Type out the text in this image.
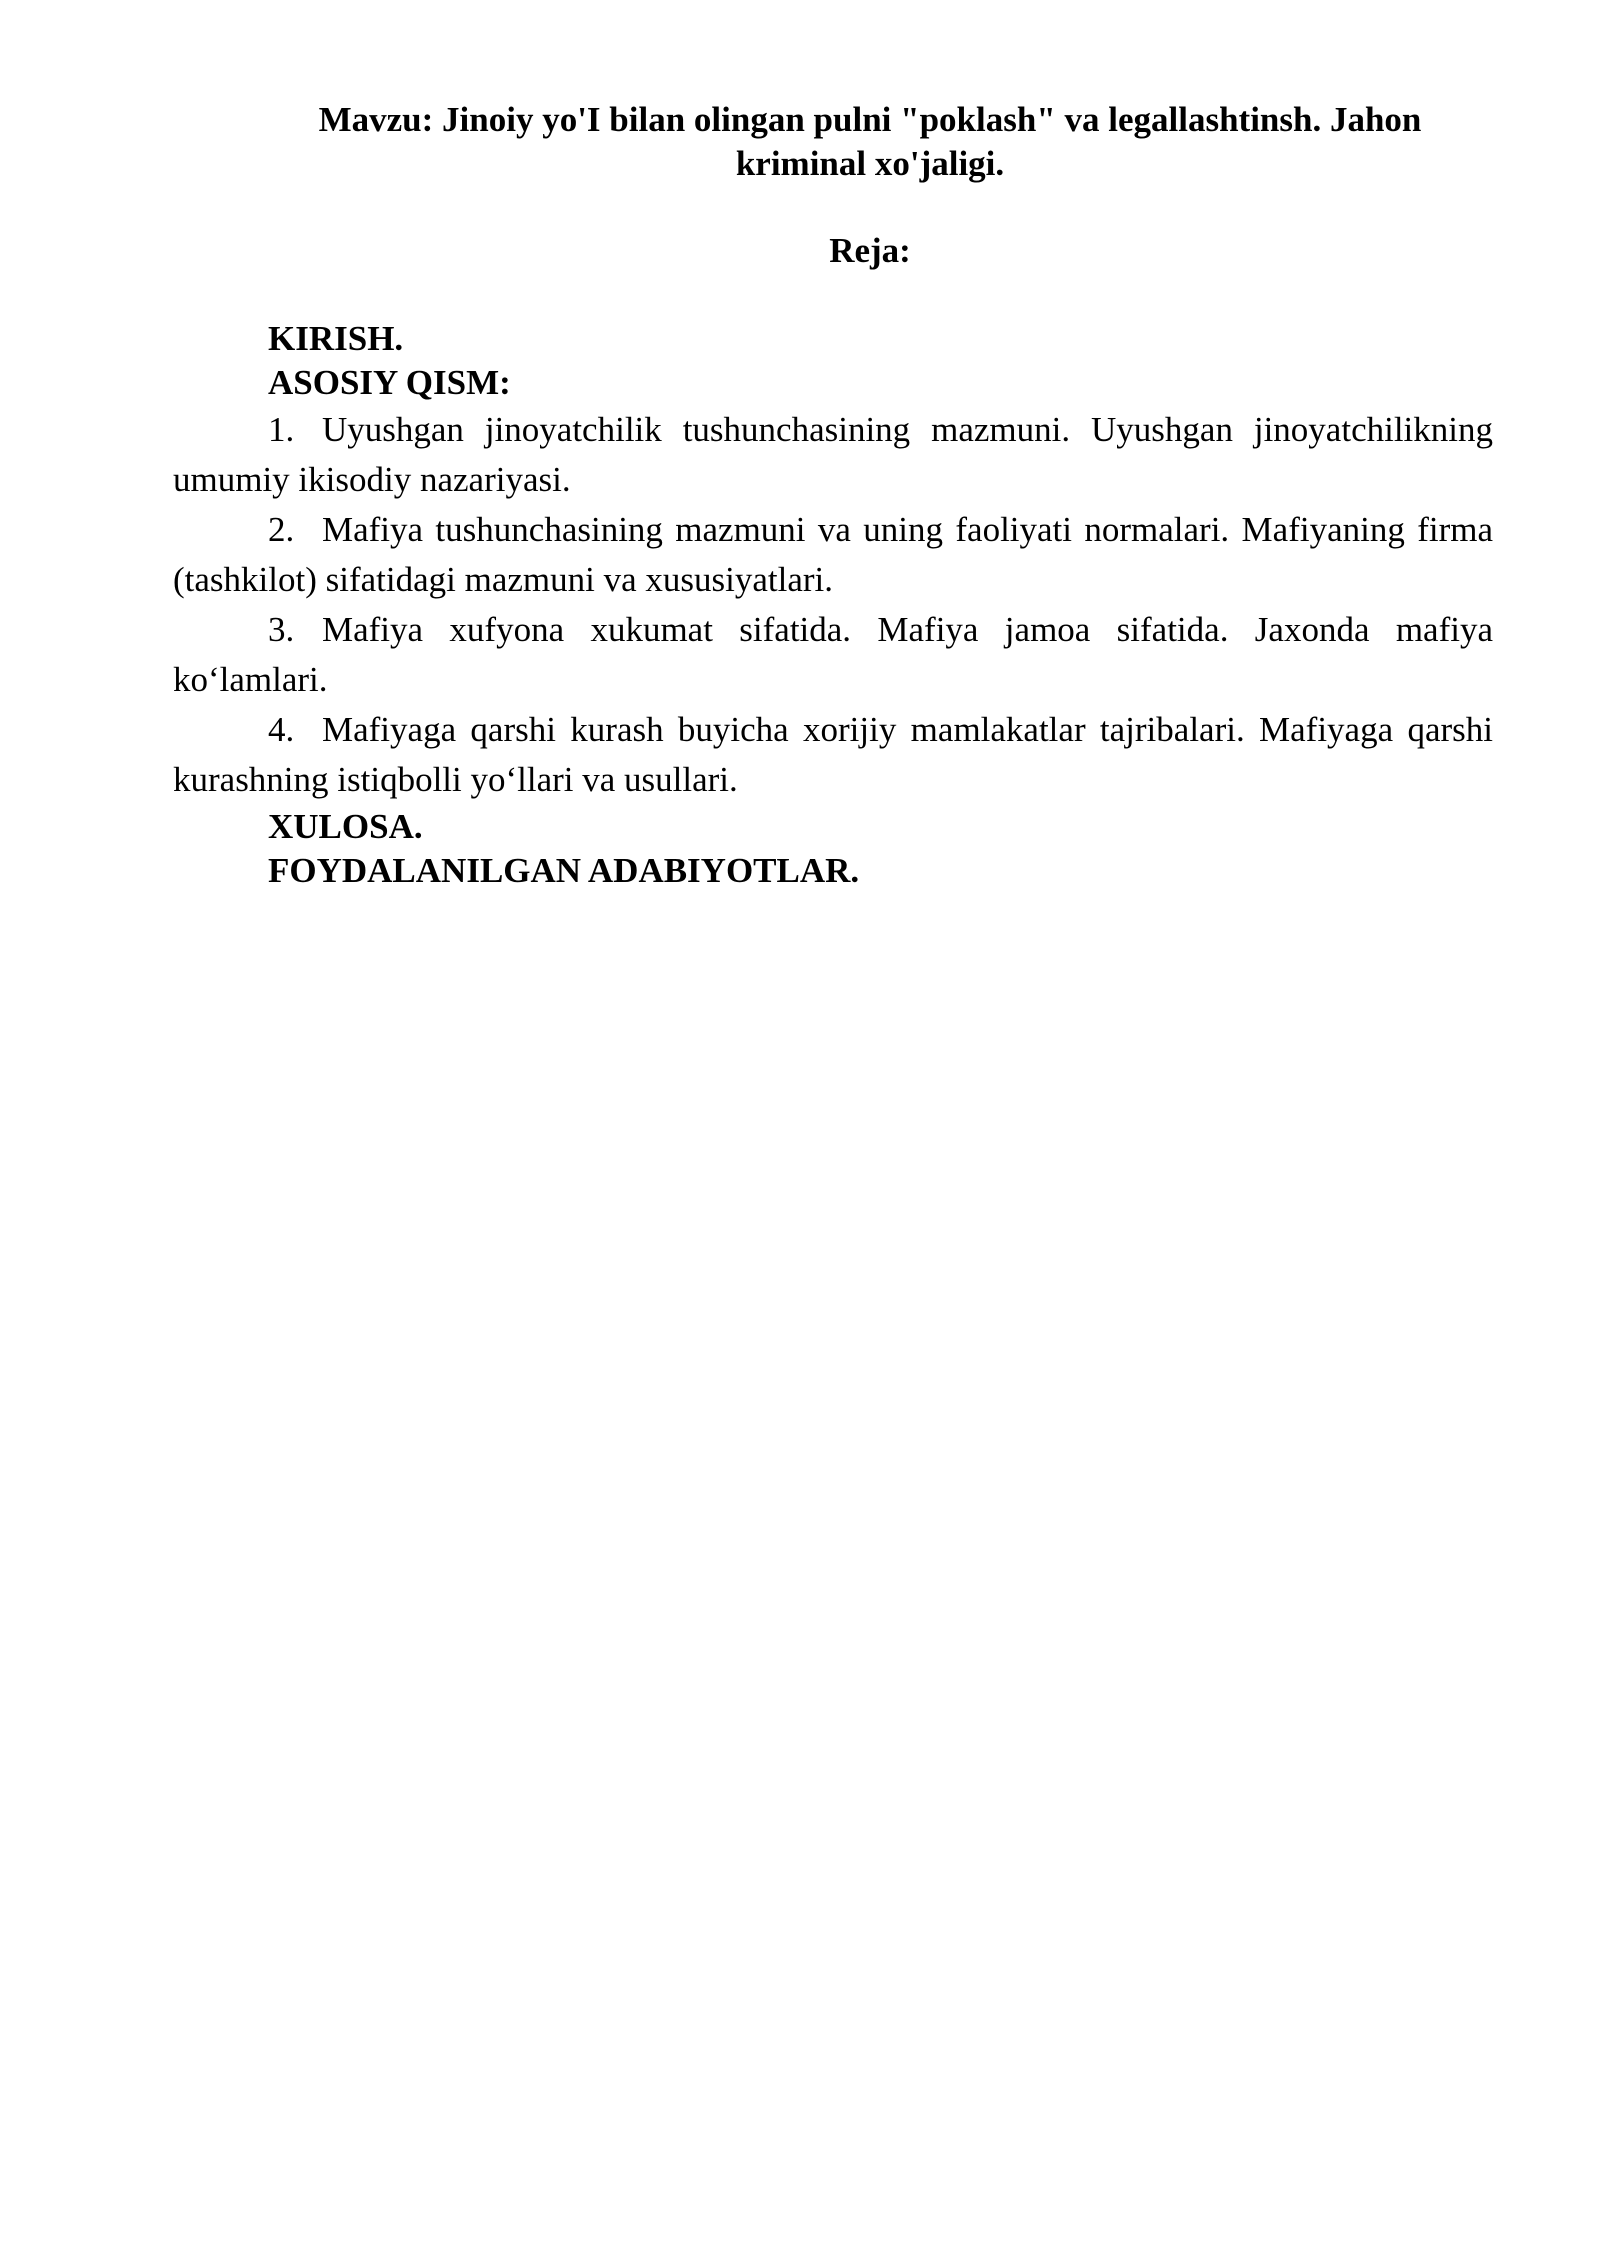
Mavzu: Jinoiy yo'I bilan olingan pulni "poklash" va legallashtinsh. Jahon kriminal xo'jaligi.
Reja:

KIRISH.

ASOSIY QISM:

1. Uyushgan jinoyatchilik tushunchasining mazmuni. Uyushgan jinoyatchilikning umumiy ikisodiy nazariyasi.

2. Mafiya tushunchasining mazmuni va uning faoliyati normalari. Mafiyaning firma (tashkilot) sifatidagi mazmuni va xususiyatlari.

3. Mafiya xufyona xukumat sifatida. Mafiya jamoa sifatida. Jaxonda mafiya ko‘lamlari.

4. Mafiyaga qarshi kurash buyicha xorijiy mamlakatlar tajribalari. Mafiyaga qarshi kurashning istiqbolli yo‘llari va usullari.

XULOSA.

FOYDALANILGAN ADABIYOTLAR.
